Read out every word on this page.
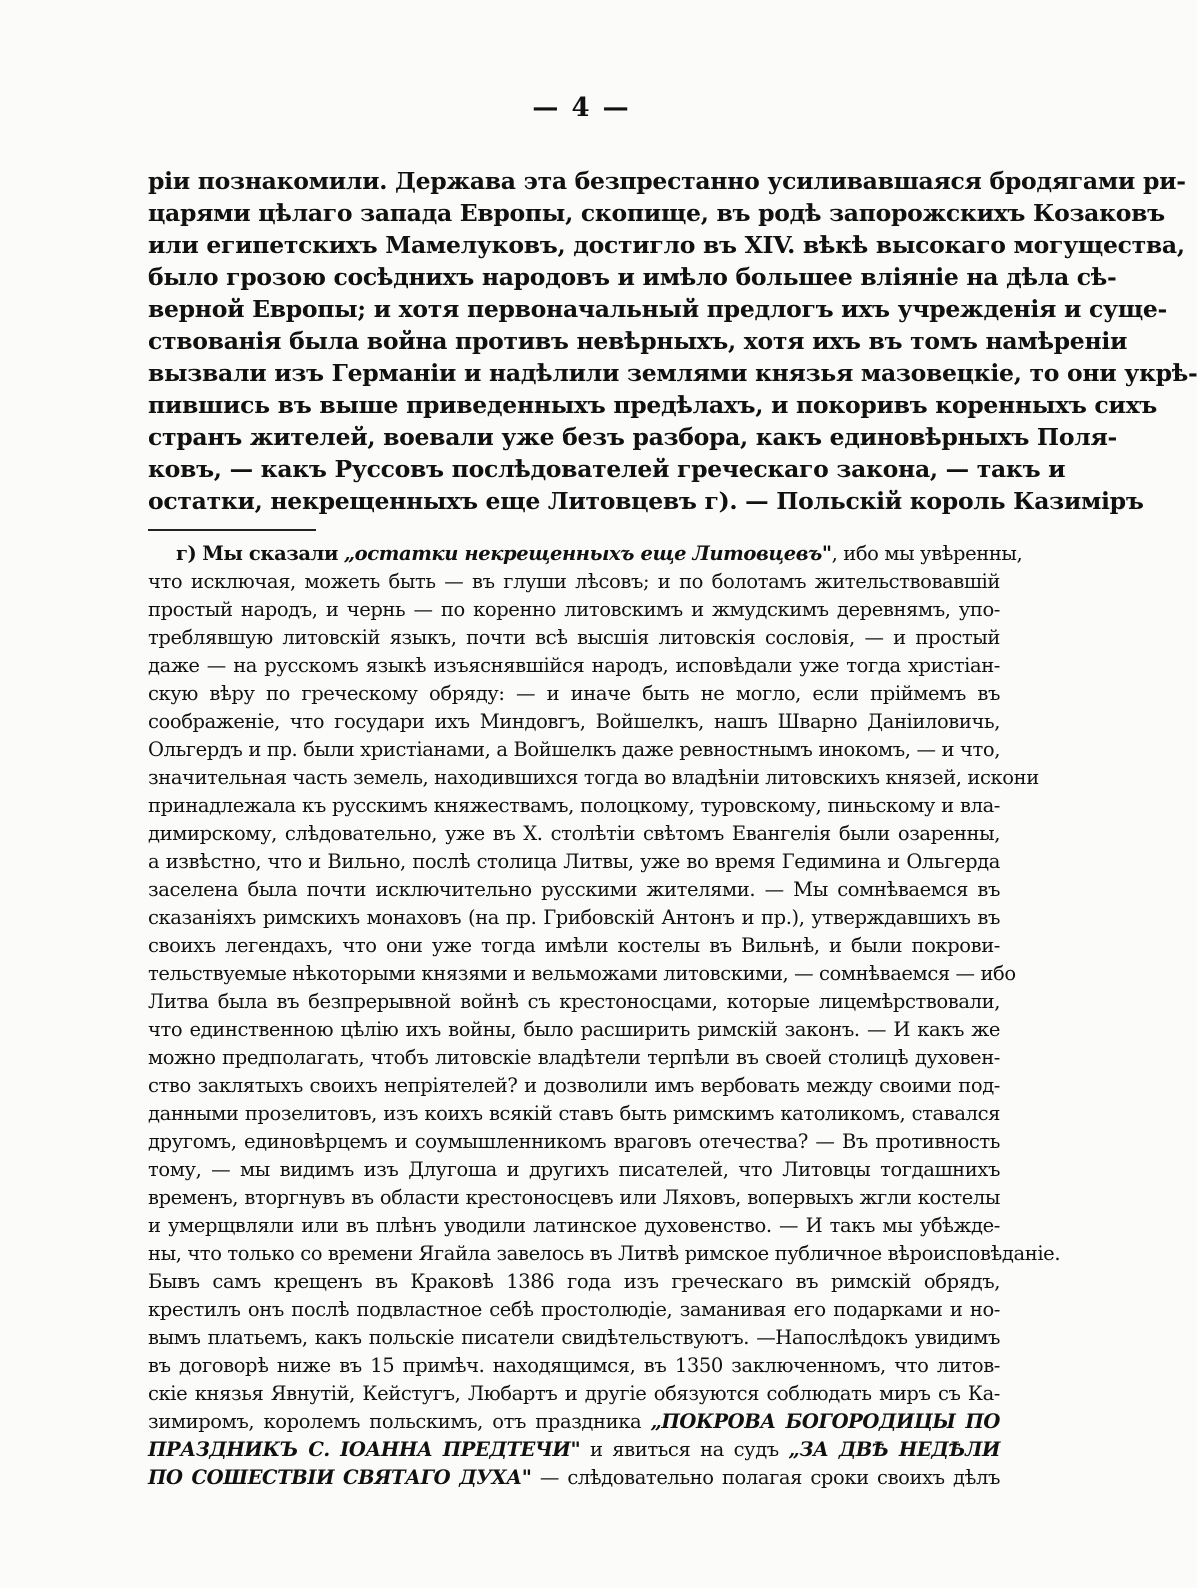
— 4 —
ріи познакомили. Держава эта безпрестанно усиливавшаяся бродягами ри-
царями цѣлаго запада Европы, скопище, въ родѣ запорожскихъ Козаковъ
или египетскихъ Мамелуковъ, достигло въ XIV. вѣкѣ высокаго могущества,
было грозою сосѣднихъ народовъ и имѣло большее вліяніе на дѣла сѣ-
верной Европы; и хотя первоначальный предлогъ ихъ учрежденія и суще-
ствованія была война противъ невѣрныхъ, хотя ихъ въ томъ намѣреніи
вызвали изъ Германіи и надѣлили землями князья мазовецкіе, то они укрѣ-
пившись въ выше приведенныхъ предѣлахъ, и покоривъ коренныхъ сихъ
странъ жителей, воевали уже безъ разбора, какъ единовѣрныхъ Поля-
ковъ, — какъ Руссовъ послѣдователей греческаго закона, — такъ и
остатки, некрещенныхъ еще Литовцевъ г). — Польскій король Казиміръ
г) Мы сказали „остатки некрещенныхъ еще Литовцевъ", ибо мы увѣренны,
что исключая, можеть быть — въ глуши лѣсовъ; и по болотамъ жительствовавшій
простый народъ, и чернь — по коренно литовскимъ и жмудскимъ деревнямъ, упо-
треблявшую литовскій языкъ, почти всѣ высшія литовскія сословія, — и простый
даже — на русскомъ языкѣ изъяснявшійся народъ, исповѣдали уже тогда христіан-
скую вѣру по греческому обряду: — и иначе быть не могло, если пріймемъ въ
соображеніе, что государи ихъ Миндовгъ, Войшелкъ, нашъ Шварно Даніиловичь,
Ольгердъ и пр. были христіанами, а Войшелкъ даже ревностнымъ инокомъ, — и что,
значительная часть земель, находившихся тогда во владѣніи литовскихъ князей, искони
принадлежала къ русскимъ княжествамъ, полоцкому, туровскому, пиньскому и вла-
димирскому, слѣдовательно, уже въ X. столѣтіи свѣтомъ Евангелія были озаренны,
а извѣстно, что и Вильно, послѣ столица Литвы, уже во время Гедимина и Ольгерда
заселена была почти исключительно русскими жителями. — Мы сомнѣваемся въ
сказаніяхъ римскихъ монаховъ (на пр. Грибовскій Антонъ и пр.), утверждавшихъ въ
своихъ легендахъ, что они уже тогда имѣли костелы въ Вильнѣ, и были покрови-
тельствуемые нѣкоторыми князями и вельможами литовскими, — сомнѣваемся — ибо
Литва была въ безпрерывной войнѣ съ крестоносцами, которые лицемѣрствовали,
что единственною цѣлію ихъ войны, было расширить римскій законъ. — И какъ же
можно предполагать, чтобъ литовскіе владѣтели терпѣли въ своей столицѣ духовен-
ство заклятыхъ своихъ непріятелей? и дозволили имъ вербовать между своими под-
данными прозелитовъ, изъ коихъ всякій ставъ быть римскимъ католикомъ, ставался
другомъ, единовѣрцемъ и соумышленникомъ враговъ отечества? — Въ противность
тому, — мы видимъ изъ Длугоша и другихъ писателей, что Литовцы тогдашнихъ
временъ, вторгнувъ въ области крестоносцевъ или Ляховъ, вопервыхъ жгли костелы
и умерщвляли или въ плѣнъ уводили латинское духовенство. — И такъ мы убѣжде-
ны, что только со времени Ягайла завелось въ Литвѣ римское публичное вѣроисповѣданіе.
Бывъ самъ крещенъ въ Краковѣ 1386 года изъ греческаго въ римскій обрядъ,
крестилъ онъ послѣ подвластное себѣ простолюдіе, заманивая его подарками и но-
вымъ платьемъ, какъ польскіе писатели свидѣтельствуютъ. —Напослѣдокъ увидимъ
въ договорѣ ниже въ 15 примѣч. находящимся, въ 1350 заключенномъ, что литов-
скіе князья Явнутій, Кейстугъ, Любартъ и другіе обязуются соблюдать миръ съ Ка-
зимиромъ, королемъ польскимъ, отъ праздника „ПОКРОВА БОГОРОДИЦЫ ПО
ПРАЗДНИКЪ С. ІОАННА ПРЕДТЕЧИ" и явиться на судъ „ЗА ДВѢ НЕДѢЛИ
ПО СОШЕСТВІИ СВЯТАГО ДУХА" — слѣдовательно полагая сроки своихъ дѣлъ
